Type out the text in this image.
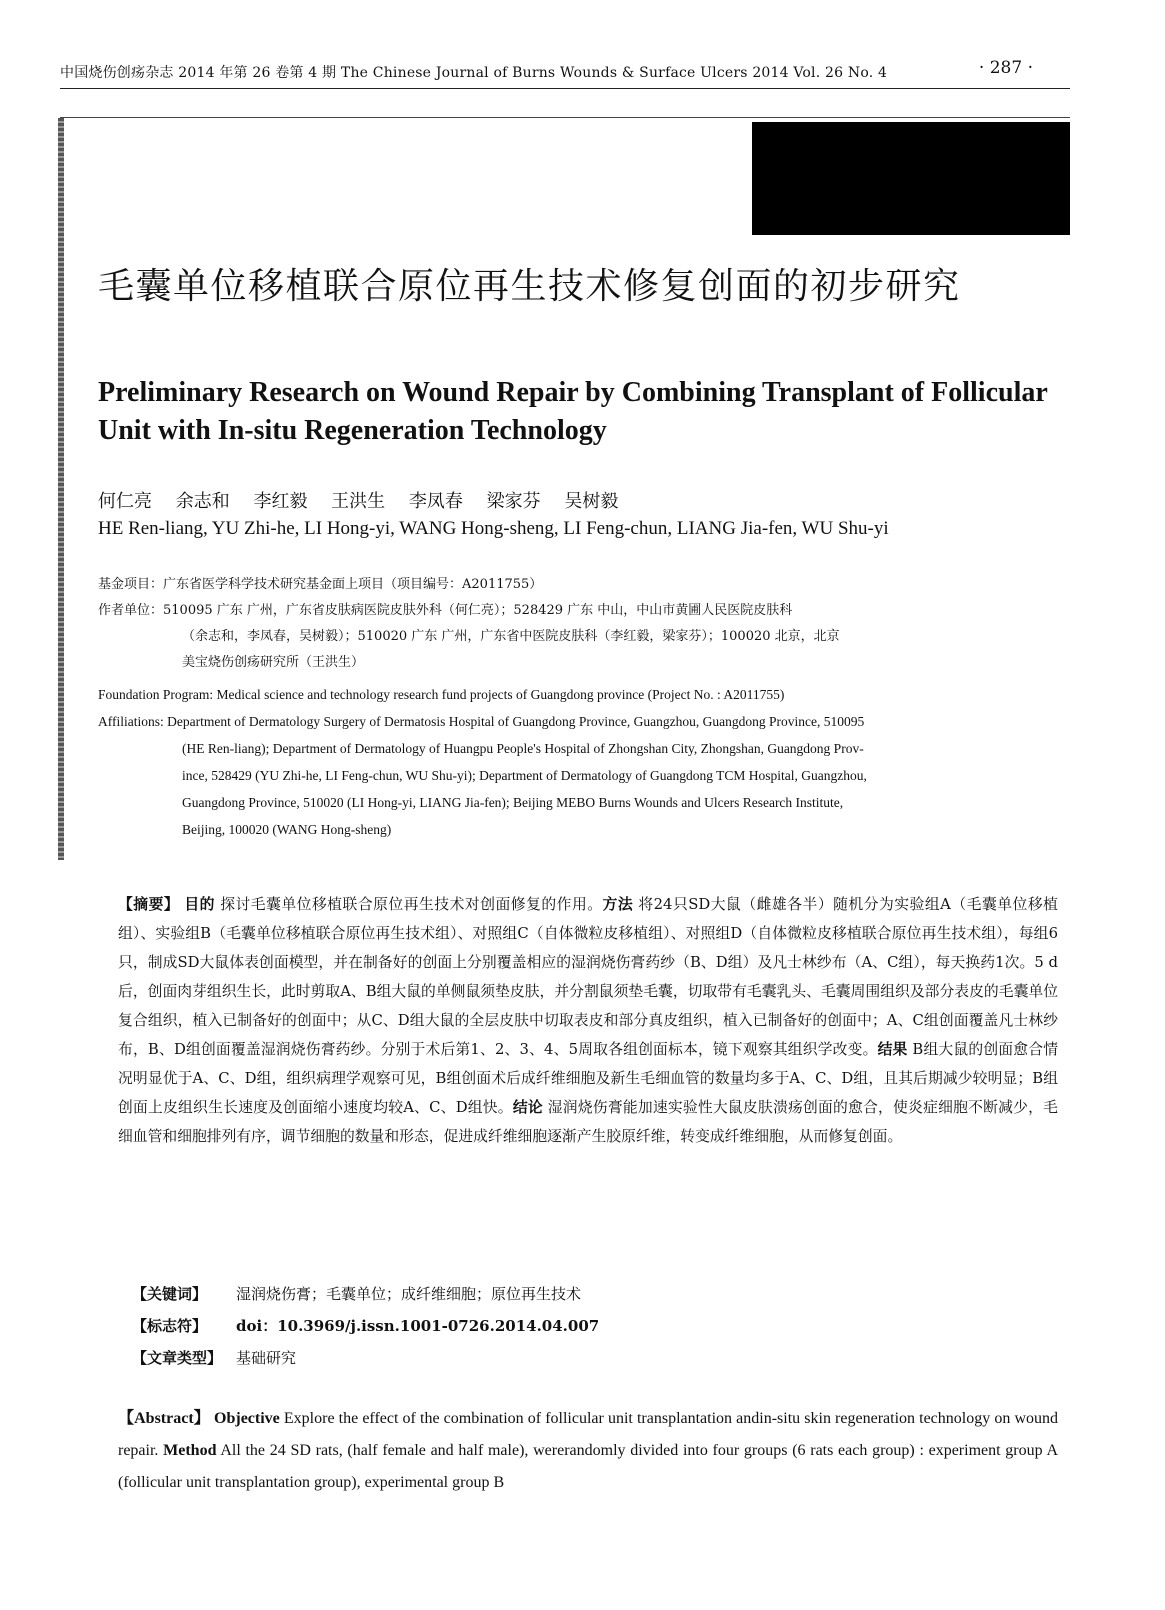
中国烧伤创疡杂志 2014 年第 26 卷第 4 期 The Chinese Journal of Burns Wounds & Surface Ulcers 2014 Vol. 26 No. 4	· 287 ·
毛囊单位移植联合原位再生技术修复创面的初步研究
Preliminary Research on Wound Repair by Combining Transplant of Follicular Unit with In-situ Regeneration Technology
何仁亮 余志和 李红毅 王洪生 李凤春 梁家芬 吴树毅
HE Ren-liang, YU Zhi-he, LI Hong-yi, WANG Hong-sheng, LI Feng-chun, LIANG Jia-fen, WU Shu-yi
基金项目：广东省医学科学技术研究基金面上项目（项目编号：A2011755）
作者单位：510095 广东 广州，广东省皮肤病医院皮肤外科（何仁亮）；528429 广东 中山，中山市黄圃人民医院皮肤科
（余志和，李凤春，吴树毅）；510020 广东 广州，广东省中医院皮肤科（李红毅，梁家芬）；100020 北京，北京
美宝烧伤创疡研究所（王洪生）
Foundation Program: Medical science and technology research fund projects of Guangdong province (Project No. : A2011755)
Affiliations: Department of Dermatology Surgery of Dermatosis Hospital of Guangdong Province, Guangzhou, Guangdong Province, 510095
(HE Ren-liang); Department of Dermatology of Huangpu People's Hospital of Zhongshan City, Zhongshan, Guangdong Prov-
ince, 528429 (YU Zhi-he, LI Feng-chun, WU Shu-yi); Department of Dermatology of Guangdong TCM Hospital, Guangzhou,
Guangdong Province, 510020 (LI Hong-yi, LIANG Jia-fen); Beijing MEBO Burns Wounds and Ulcers Research Institute,
Beijing, 100020 (WANG Hong-sheng)
【摘要】 目的 探讨毛囊单位移植联合原位再生技术对创面修复的作用。方法 将24只SD大鼠（雌雄各半）随机分为实验组A（毛囊单位移植组）、实验组B（毛囊单位移植联合原位再生技术组）、对照组C（自体微粒皮移植组）、对照组D（自体微粒皮移植联合原位再生技术组），每组6只，制成SD大鼠体表创面模型，并在制备好的创面上分别覆盖相应的湿润烧伤膏药纱（B、D组）及凡士林纱布（A、C组），每天换药1次。5 d后，创面肉芽组织生长，此时剪取A、B组大鼠的单侧鼠须垫皮肤，并分割鼠须垫毛囊，切取带有毛囊乳头、毛囊周围组织及部分表皮的毛囊单位复合组织，植入已制备好的创面中；从C、D组大鼠的全层皮肤中切取表皮和部分真皮组织，植入已制备好的创面中；A、C组创面覆盖凡士林纱布，B、D组创面覆盖湿润烧伤膏药纱。分别于术后第1、2、3、4、5周取各组创面标本，镜下观察其组织学改变。结果 B组大鼠的创面愈合情况明显优于A、C、D组，组织病理学观察可见，B组创面术后成纤维细胞及新生毛细血管的数量均多于A、C、D组，且其后期减少较明显；B组创面上皮组织生长速度及创面缩小速度均较A、C、D组快。结论 湿润烧伤膏能加速实验性大鼠皮肤溃疡创面的愈合，使炎症细胞不断减少，毛细血管和细胞排列有序，调节细胞的数量和形态，促进成纤维细胞逐渐产生胶原纤维，转变成纤维细胞，从而修复创面。
【关键词】 湿润烧伤膏；毛囊单位；成纤维细胞；原位再生技术
【标志符】 doi：10.3969/j.issn.1001-0726.2014.04.007
【文章类型】 基础研究
【Abstract】 Objective Explore the effect of the combination of follicular unit transplantation andin-situ skin regeneration technology on wound repair. Method All the 24 SD rats, (half female and half male), wererandomly divided into four groups (6 rats each group) : experiment group A (follicular unit transplantation group), experimental group B
